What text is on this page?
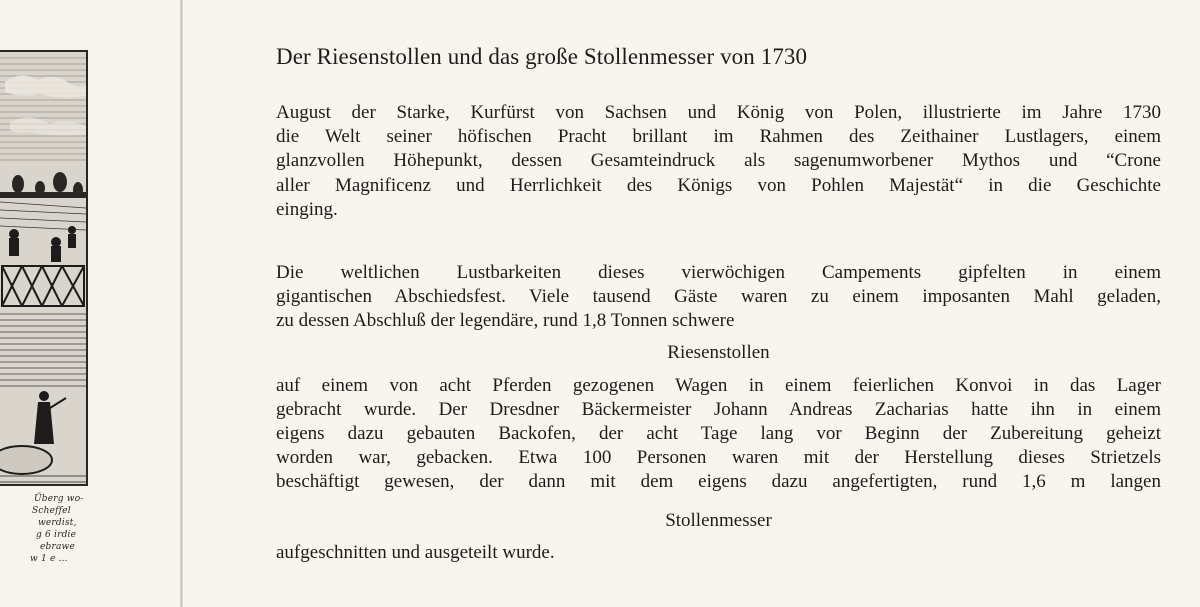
Überg wo-
Scheffel
werdist,
g 6 irdie
ebrawe
w 1 e ...
Der Riesenstollen und das große Stollenmesser von 1730
August der Starke, Kurfürst von Sachsen und König von Polen, illustrierte im Jahre 1730
die Welt seiner höfischen Pracht brillant im Rahmen des Zeithainer Lustlagers, einem
glanzvollen Höhepunkt, dessen Gesamteindruck als sagenumworbener Mythos und “Crone
aller Magnificenz und Herrlichkeit des Königs von Pohlen Majestät“ in die Geschichte
einging.
Die weltlichen Lustbarkeiten dieses vierwöchigen Campements gipfelten in einem
gigantischen Abschiedsfest. Viele tausend Gäste waren zu einem imposanten Mahl geladen,
zu dessen Abschluß der legendäre, rund 1,8 Tonnen schwere
Riesenstollen
auf einem von acht Pferden gezogenen Wagen in einem feierlichen Konvoi in das Lager
gebracht wurde. Der Dresdner Bäckermeister Johann Andreas Zacharias hatte ihn in einem
eigens dazu gebauten Backofen, der acht Tage lang vor Beginn der Zubereitung geheizt
worden war, gebacken. Etwa 100 Personen waren mit der Herstellung dieses Strietzels
beschäftigt gewesen, der dann mit dem eigens dazu angefertigten, rund 1,6 m langen
Stollenmesser
aufgeschnitten und ausgeteilt wurde.
